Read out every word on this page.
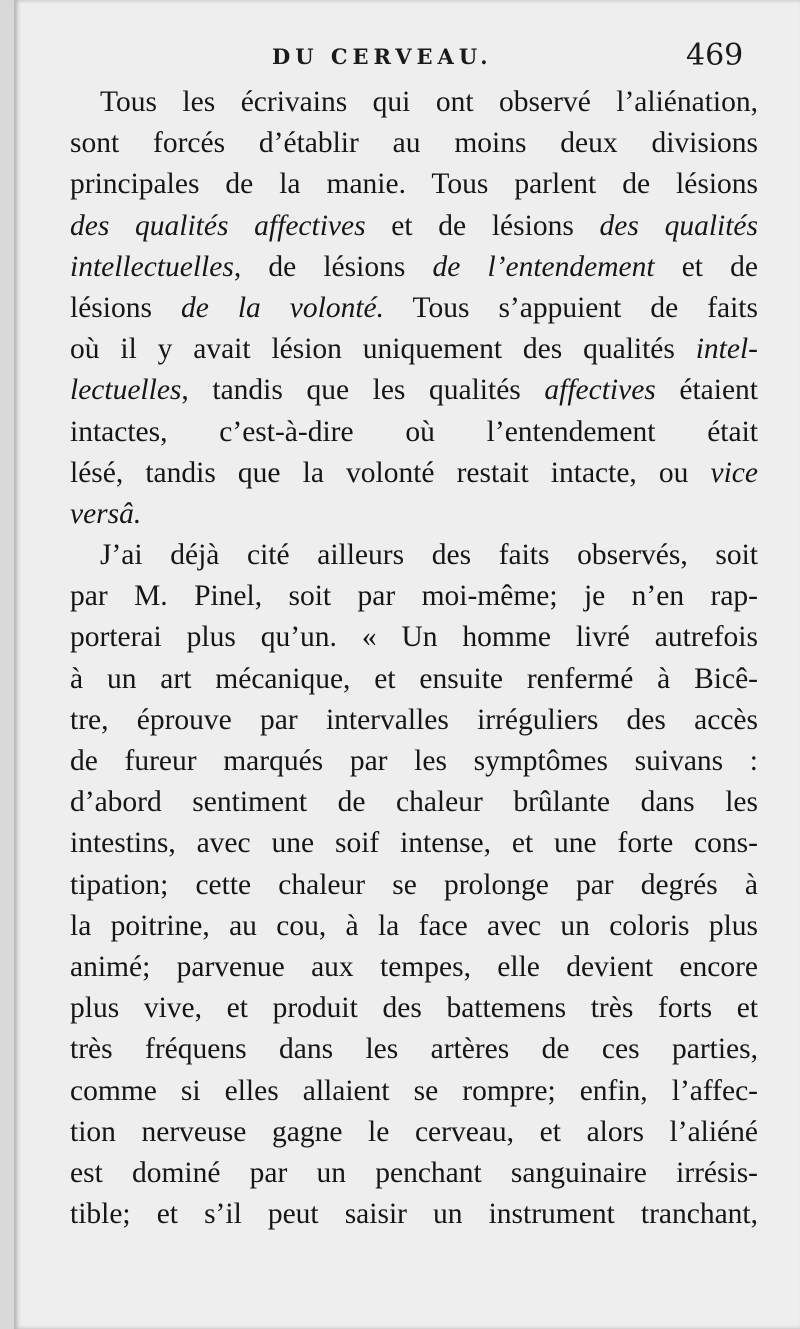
DU CERVEAU.	469
Tous les écrivains qui ont observé l’aliénation,
sont forcés d’établir au moins deux divisions
principales de la manie. Tous parlent de lésions
des qualités affectives et de lésions des qualités
intellectuelles, de lésions de l’entendement et de
lésions de la volonté. Tous s’appuient de faits
où il y avait lésion uniquement des qualités intel-
lectuelles, tandis que les qualités affectives étaient
intactes, c’est-à-dire où l’entendement était
lésé, tandis que la volonté restait intacte, ou vice
versâ.
J’ai déjà cité ailleurs des faits observés, soit
par M. Pinel, soit par moi-même; je n’en rap-
porterai plus qu’un. « Un homme livré autrefois
à un art mécanique, et ensuite renfermé à Bicê-
tre, éprouve par intervalles irréguliers des accès
de fureur marqués par les symptômes suivans :
d’abord sentiment de chaleur brûlante dans les
intestins, avec une soif intense, et une forte cons-
tipation; cette chaleur se prolonge par degrés à
la poitrine, au cou, à la face avec un coloris plus
animé; parvenue aux tempes, elle devient encore
plus vive, et produit des battemens très forts et
très fréquens dans les artères de ces parties,
comme si elles allaient se rompre; enfin, l’affec-
tion nerveuse gagne le cerveau, et alors l’aliéné
est dominé par un penchant sanguinaire irrésis-
tible; et s’il peut saisir un instrument tranchant,
